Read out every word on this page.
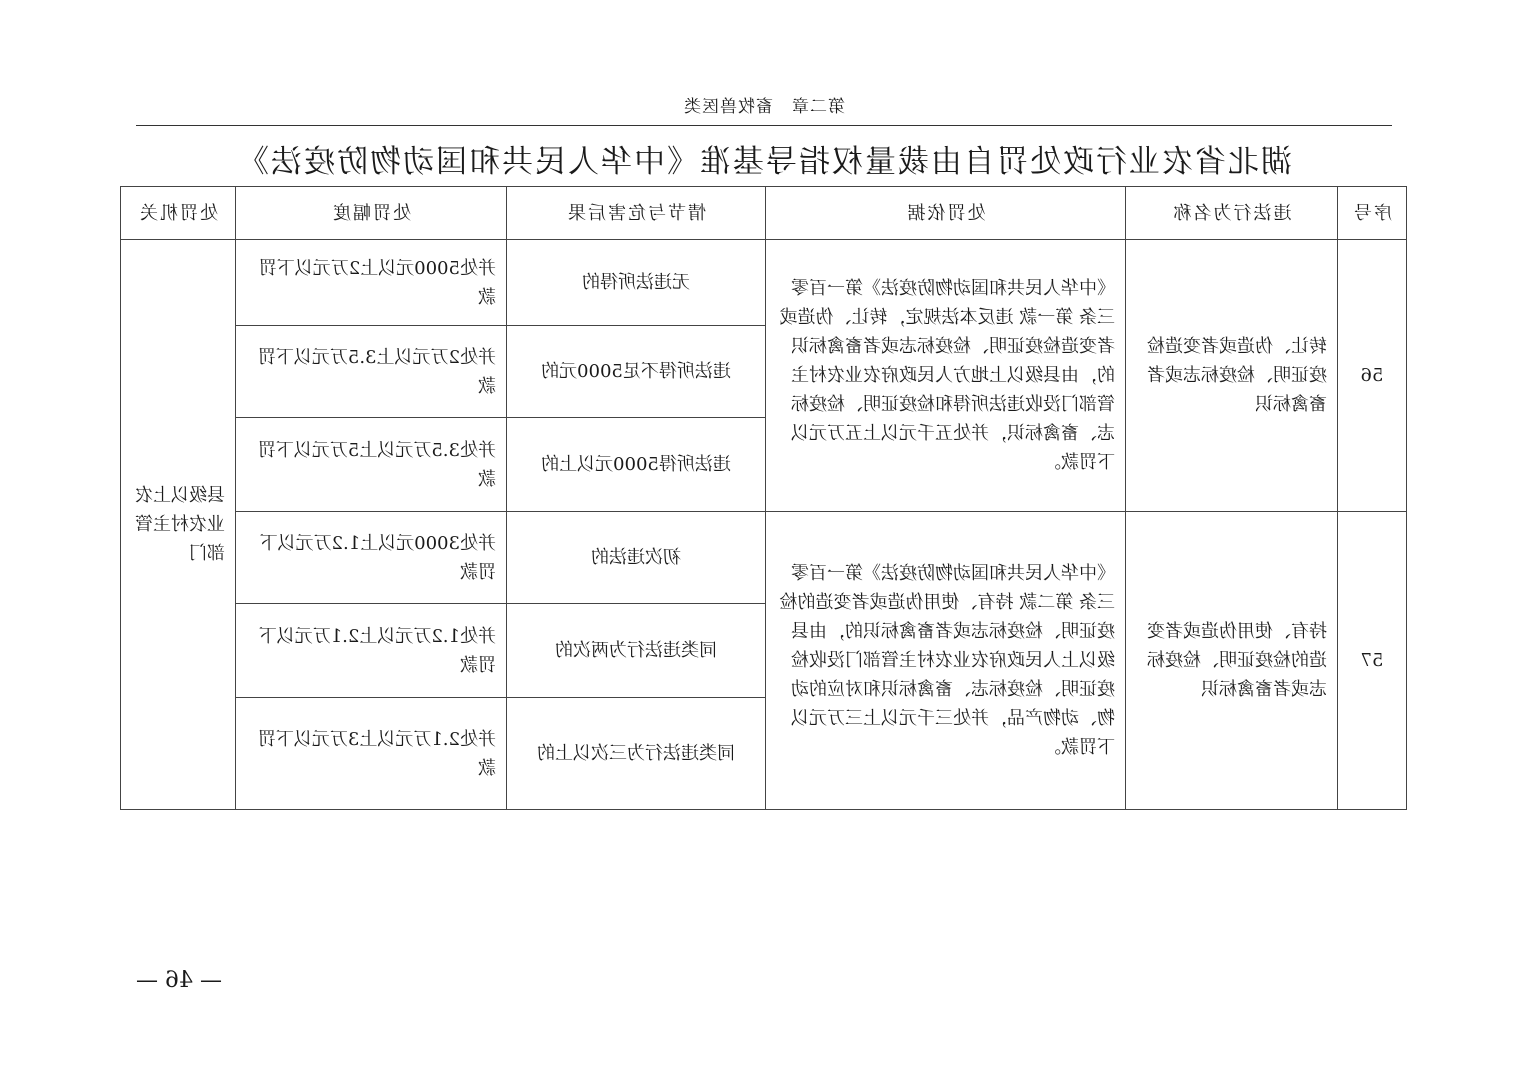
第二章　畜牧兽医类
湖北省农业行政处罚自由裁量权指导基准《中华人民共和国动物防疫法》
序号	违法行为名称	处罚依据	情节与危害后果	处罚幅度	处罚机关
56	转让、伪造或者变造检疫证明、检疫标志或者畜禽标识	《中华人民共和国动物防疫法》第一百零三条 第一款 违反本法规定，转让、伪造或者变造检疫证明、检疫标志或者畜禽标识的，由县级以上地方人民政府农业农村主管部门没收违法所得和检疫证明、检疫标志、畜禽标识，并处五千元以上五万元以下罚款。	无违法所得的	并处5000元以上2万元以下罚款	县级以上农业农村主管部门
			违法所得不足5000元的	并处2万元以上3.5万元以下罚款	
			违法所得5000元以上的	并处3.5万元以上5万元以下罚款	
57	持有、使用伪造或者变造的检疫证明、检疫标志或者畜禽标识	《中华人民共和国动物防疫法》第一百零三条 第二款 持有、使用伪造或者变造的检疫证明、检疫标志或者畜禽标识的，由县级以上人民政府农业农村主管部门没收检疫证明、检疫标志、畜禽标识和对应的动物、动物产品，并处三千元以上三万元以下罚款。	初次违法的	并处3000元以上1.2万元以下罚款	
			同类违法行为两次的	并处1.2万元以上2.1万元以下罚款	
			同类违法行为三次以上的	并处2.1万元以上3万元以下罚款	
— 46 —
